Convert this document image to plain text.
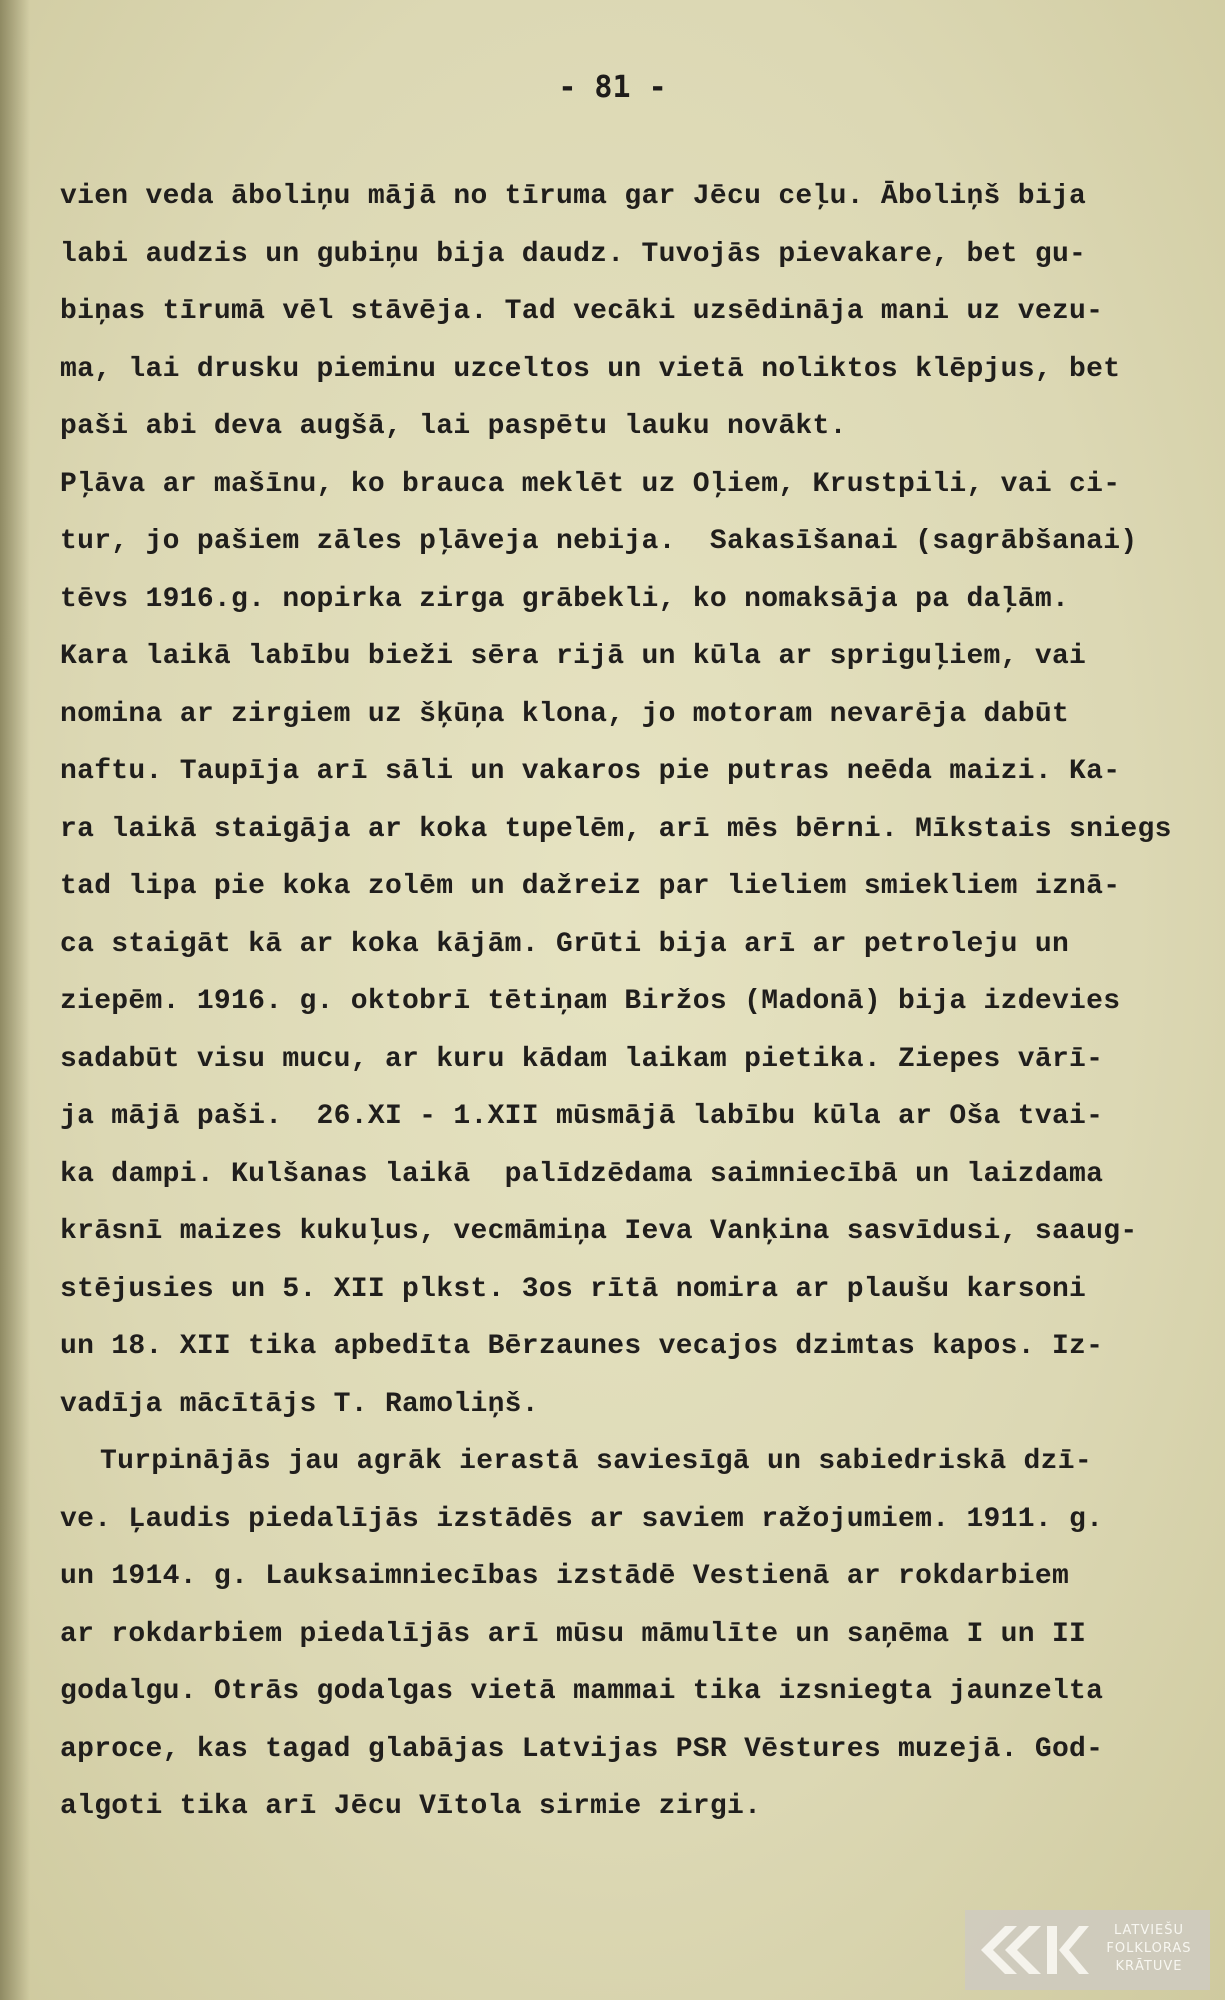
- 81 -
vien veda āboliņu mājā no tīruma gar Jēcu ceļu. Āboliņš bija
labi audzis un gubiņu bija daudz. Tuvojās pievakare, bet gu-
biņas tīrumā vēl stāvēja. Tad vecāki uzsēdināja mani uz vezu-
ma, lai drusku pieminu uzceltos un vietā noliktos klēpjus, bet
paši abi deva augšā, lai paspētu lauku novākt.
Pļāva ar mašīnu, ko brauca meklēt uz Oļiem, Krustpili, vai ci-
tur, jo pašiem zāles pļāveja nebija.  Sakasīšanai (sagrābšanai)
tēvs 1916.g. nopirka zirga grābekli, ko nomaksāja pa daļām.
Kara laikā labību bieži sēra rijā un kūla ar spriguļiem, vai
nomina ar zirgiem uz šķūņa klona, jo motoram nevarēja dabūt
naftu. Taupīja arī sāli un vakaros pie putras neēda maizi. Ka-
ra laikā staigāja ar koka tupelēm, arī mēs bērni. Mīkstais sniegs
tad lipa pie koka zolēm un dažreiz par lieliem smiekliem iznā-
ca staigāt kā ar koka kājām. Grūti bija arī ar petroleju un
ziepēm. 1916. g. oktobrī tētiņam Biržos (Madonā) bija izdevies
sadabūt visu mucu, ar kuru kādam laikam pietika. Ziepes vārī-
ja mājā paši.  26.XI - 1.XII mūsmājā labību kūla ar Oša tvai-
ka dampi. Kulšanas laikā  palīdzēdama saimniecībā un laizdama
krāsnī maizes kukuļus, vecmāmiņa Ieva Vanķina sasvīdusi, saaug-
stējusies un 5. XII plkst. 3os rītā nomira ar plaušu karsoni
un 18. XII tika apbedīta Bērzaunes vecajos dzimtas kapos. Iz-
vadīja mācītājs T. Ramoliņš.
Turpinājās jau agrāk ierastā saviesīgā un sabiedriskā dzī-
ve. Ļaudis piedalījās izstādēs ar saviem ražojumiem. 1911. g.
un 1914. g. Lauksaimniecības izstādē Vestienā ar rokdarbiem
ar rokdarbiem piedalījās arī mūsu māmulīte un saņēma I un II
godalgu. Otrās godalgas vietā mammai tika izsniegta jaunzelta
aproce, kas tagad glabājas Latvijas PSR Vēstures muzejā. God-
algoti tika arī Jēcu Vītola sirmie zirgi.
LATVIEŠU
FOLKLORAS
KRĀTUVE
